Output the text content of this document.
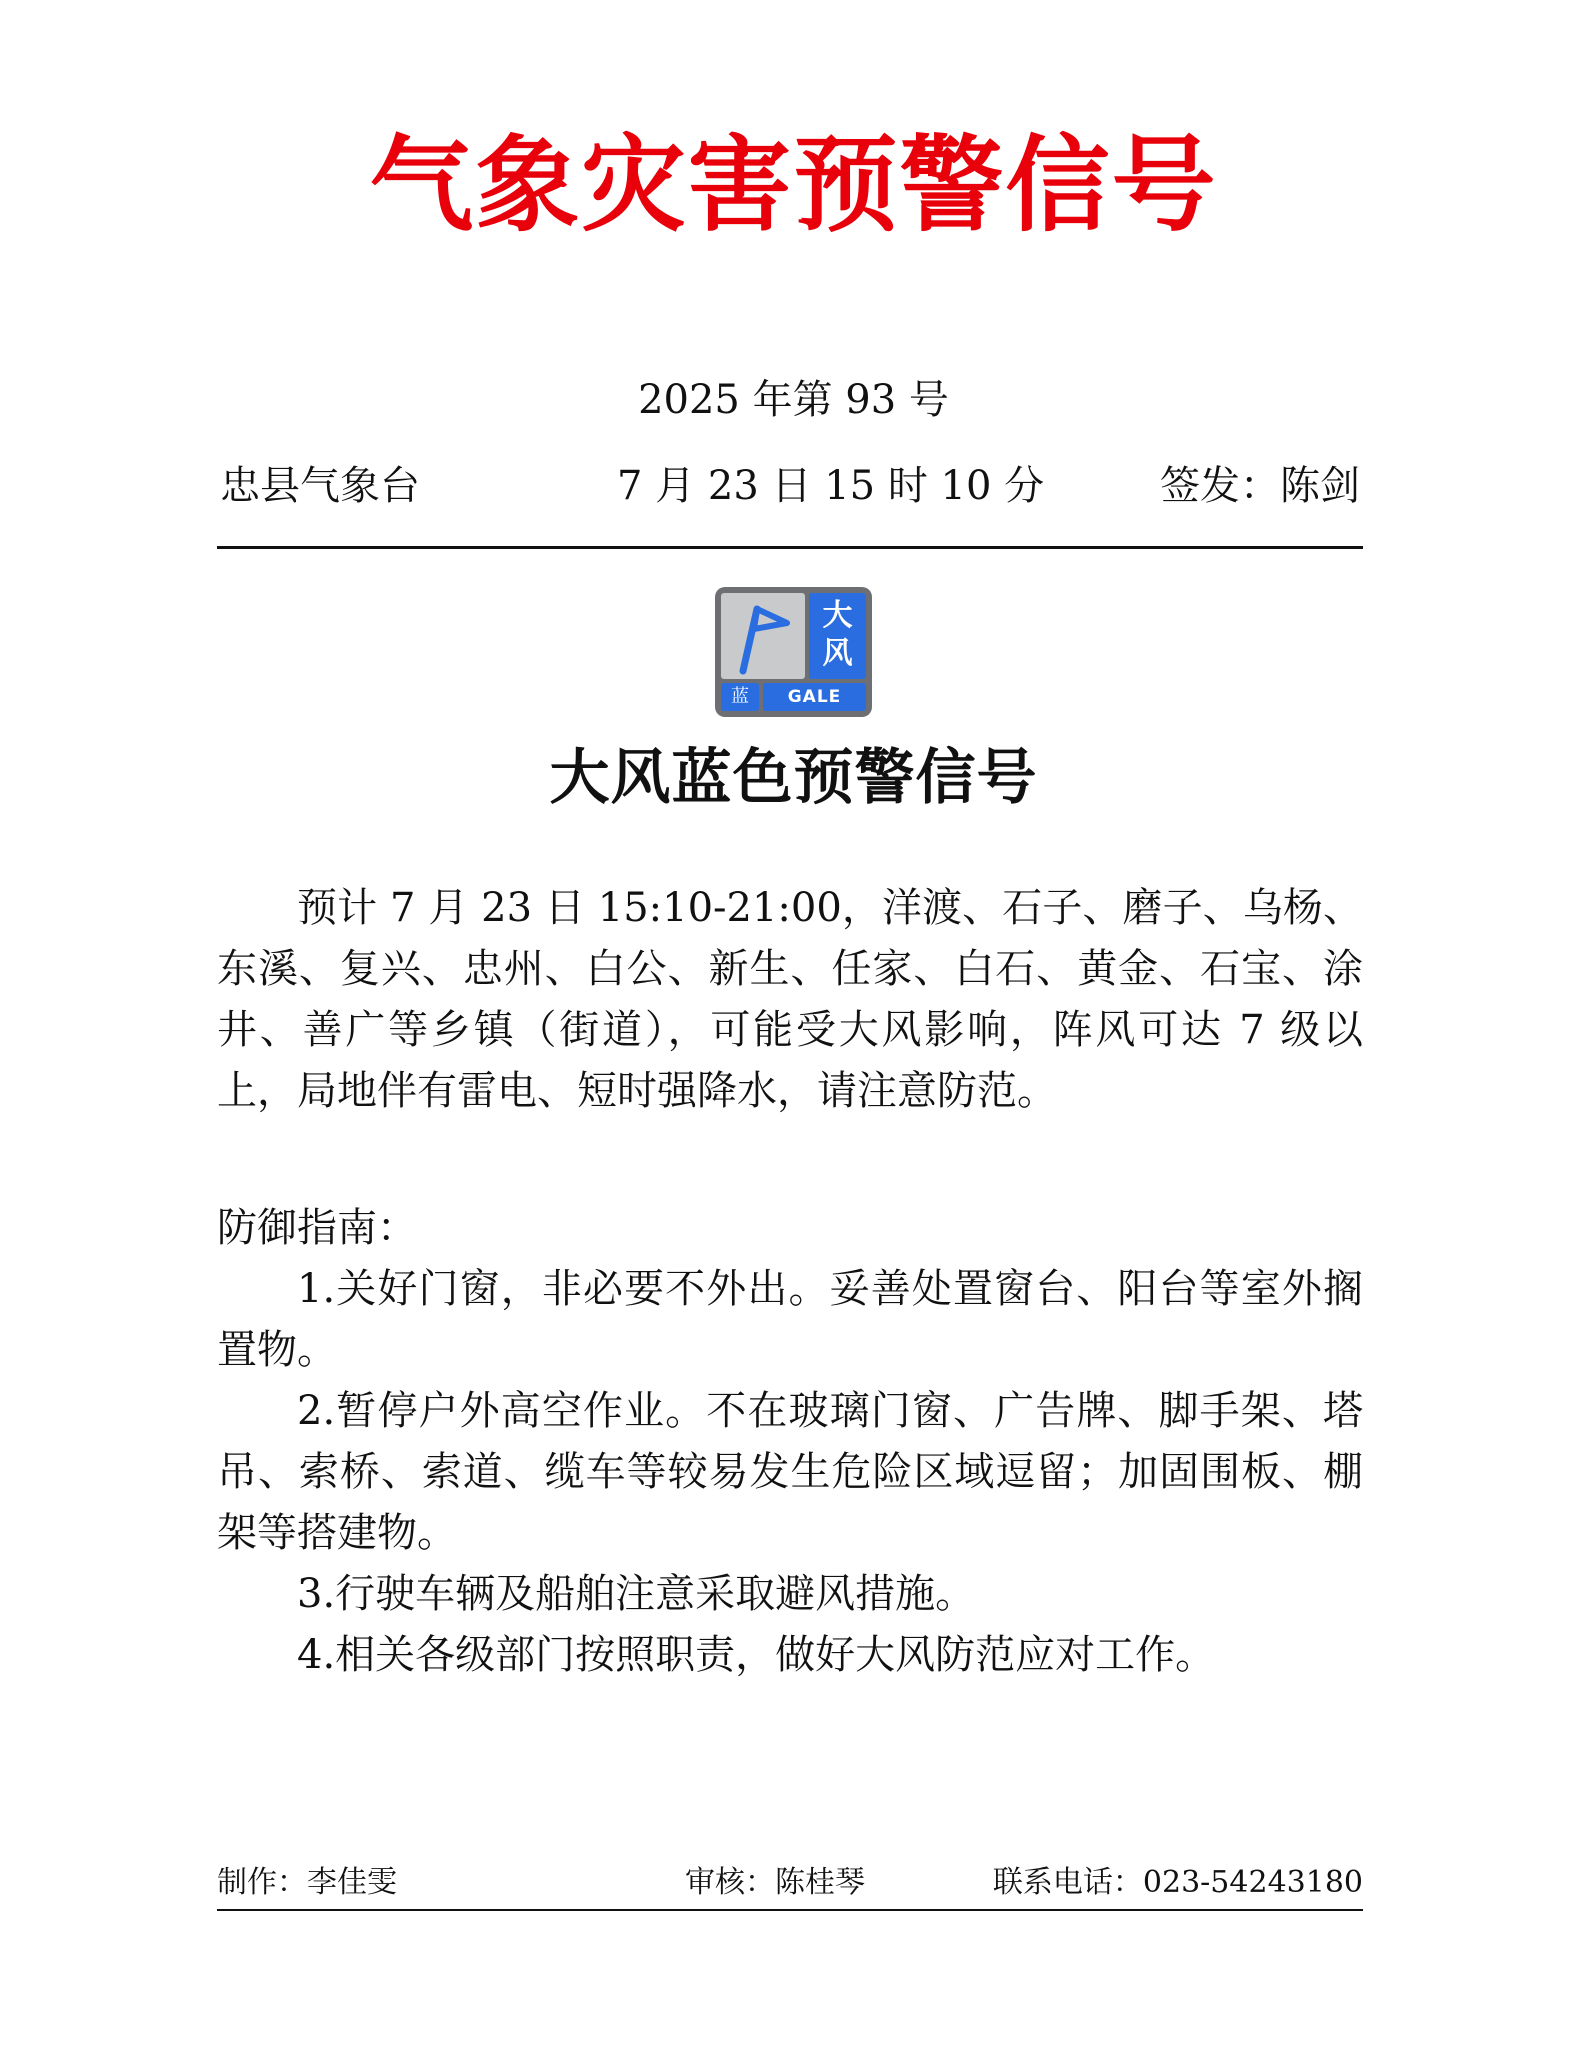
气象灾害预警信号
2025 年第 93 号
忠县气象台	7 月 23 日 15 时 10 分	签发：陈剑
大风
蓝	GALE
大风蓝色预警信号

预计 7 月 23 日 15:10-21:00，洋渡、石子、磨子、乌杨、东溪、复兴、忠州、白公、新生、任家、白石、黄金、石宝、涂井、善广等乡镇（街道），可能受大风影响，阵风可达 7 级以上，局地伴有雷电、短时强降水，请注意防范。

防御指南：

1.关好门窗，非必要不外出。妥善处置窗台、阳台等室外搁置物。

2.暂停户外高空作业。不在玻璃门窗、广告牌、脚手架、塔吊、索桥、索道、缆车等较易发生危险区域逗留；加固围板、棚架等搭建物。

3.行驶车辆及船舶注意采取避风措施。

4.相关各级部门按照职责，做好大风防范应对工作。

制作：李佳雯	审核：陈桂琴	联系电话：023-54243180
